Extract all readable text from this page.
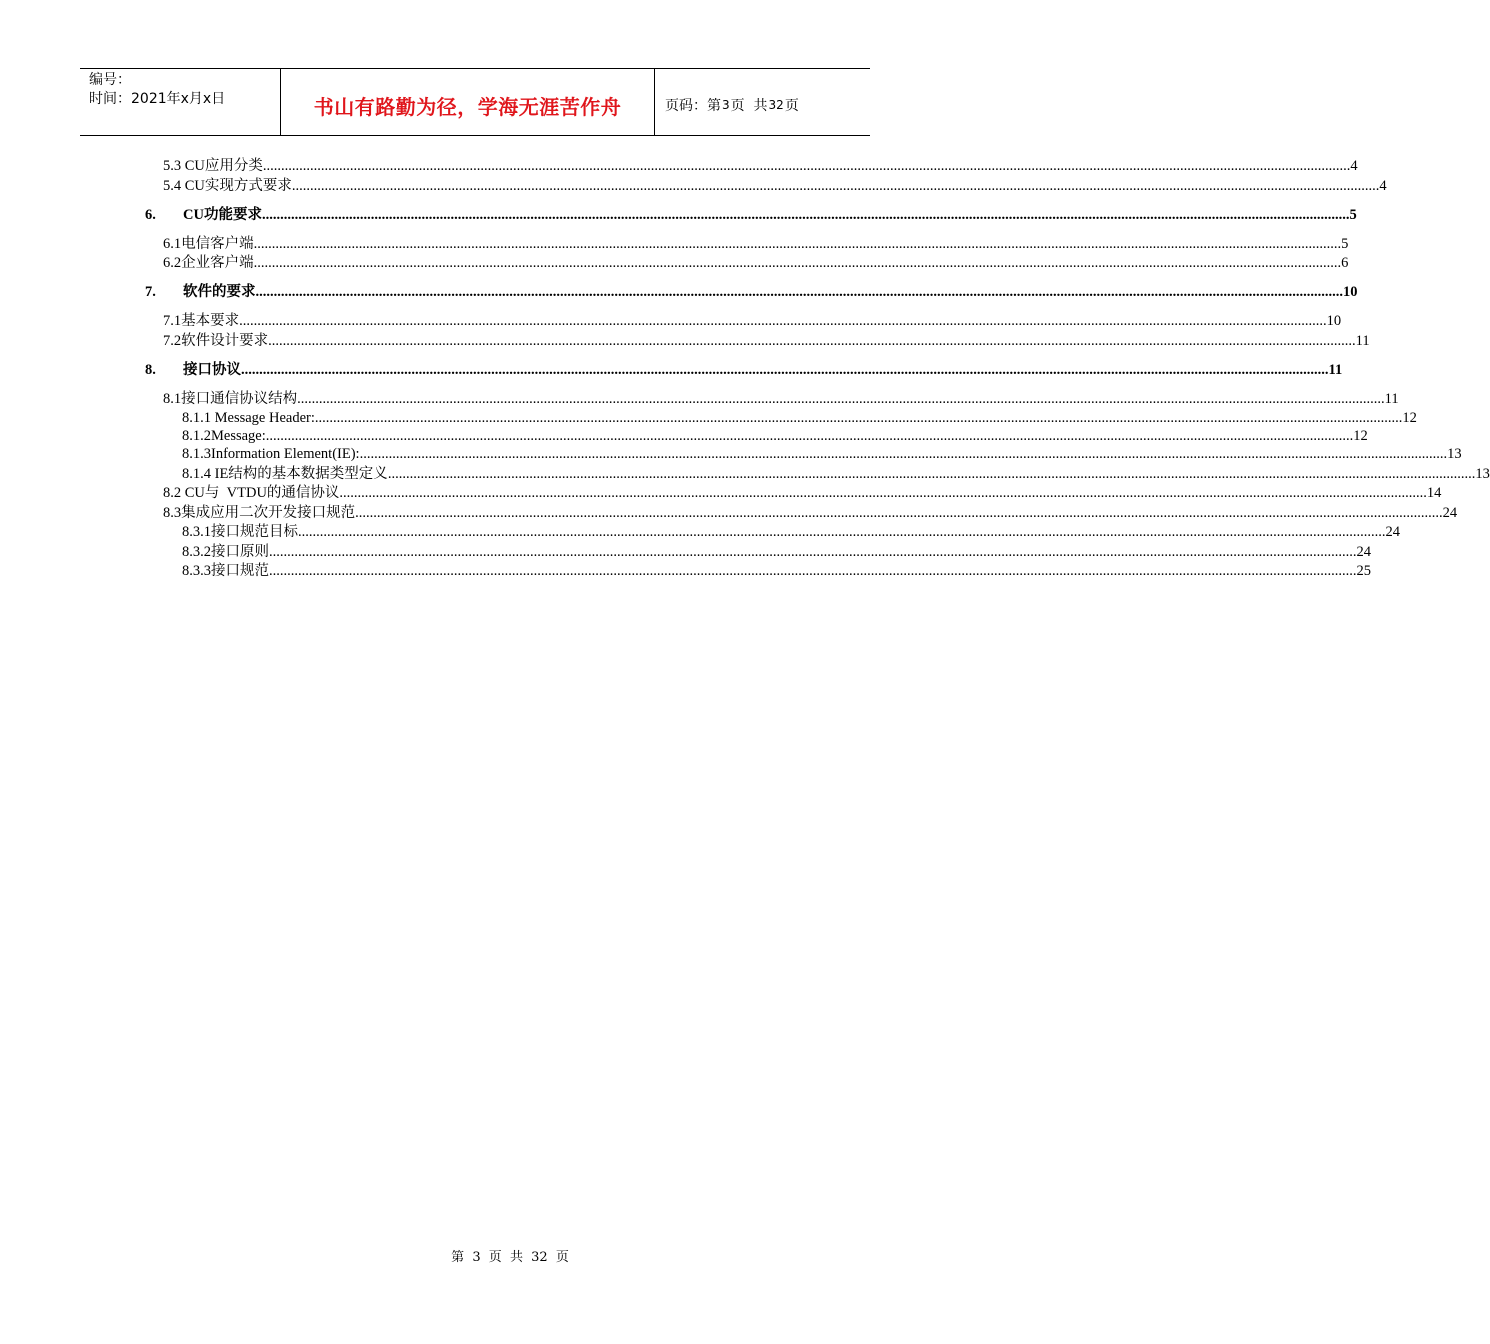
编号：
时间：2021年x月x日	书山有路勤为径，学海无涯苦作舟	页码：第 3 页  共 32 页
5.3 CU应用分类 ............................................................................................................................................................................................................................................................................................................ 4
5.4 CU实现方式要求 ............................................................................................................................................................................................................................................................................................................ 4
6. CU功能要求 ............................................................................................................................................................................................................................................................................................................ 5
6.1电信客户端 ............................................................................................................................................................................................................................................................................................................ 5
6.2企业客户端 ............................................................................................................................................................................................................................................................................................................ 6
7. 软件的要求 ............................................................................................................................................................................................................................................................................................................ 10
7.1基本要求 ............................................................................................................................................................................................................................................................................................................ 10
7.2软件设计要求 ............................................................................................................................................................................................................................................................................................................ 11
8. 接口协议 ............................................................................................................................................................................................................................................................................................................ 11
8.1接口通信协议结构 ............................................................................................................................................................................................................................................................................................................ 11
8.1.1 Message Header: ............................................................................................................................................................................................................................................................................................................ 12
8.1.2Message: ............................................................................................................................................................................................................................................................................................................ 12
8.1.3Information Element(IE): ............................................................................................................................................................................................................................................................................................................ 13
8.1.4 IE结构的基本数据类型定义 ............................................................................................................................................................................................................................................................................................................ 13
8.2 CU与  VTDU的通信协议 ............................................................................................................................................................................................................................................................................................................ 14
8.3集成应用二次开发接口规范 ............................................................................................................................................................................................................................................................................................................ 24
8.3.1接口规范目标 ............................................................................................................................................................................................................................................................................................................ 24
8.3.2接口原则 ............................................................................................................................................................................................................................................................................................................ 24
8.3.3接口规范 ............................................................................................................................................................................................................................................................................................................ 25
第 3 页  共 32 页
